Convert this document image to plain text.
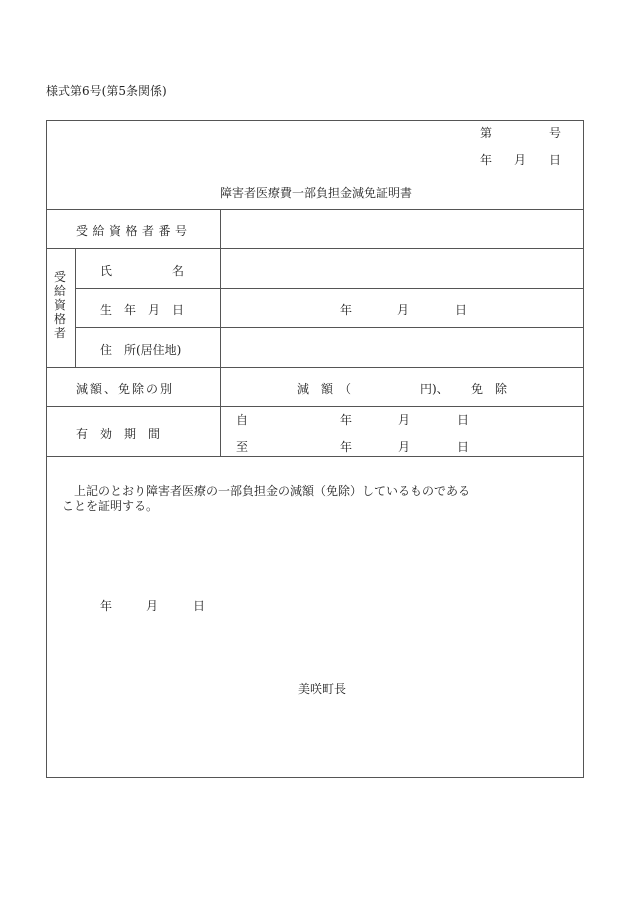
様式第6号(第5条関係)
第	号
年 月 日
障害者医療費一部負担金減免証明書
受給資格者番号
受給資格者
氏　　　　　名
生　年　月　日	年	月	日
住　所(居住地)
減額、免除の別	減　額　（	円)、 免　除
有　効　期　間
自	年	月	日
至	年	月	日
上記のとおり障害者医療の一部負担金の減額（免除）しているものである
ことを証明する。
年	月	日
美咲町長
